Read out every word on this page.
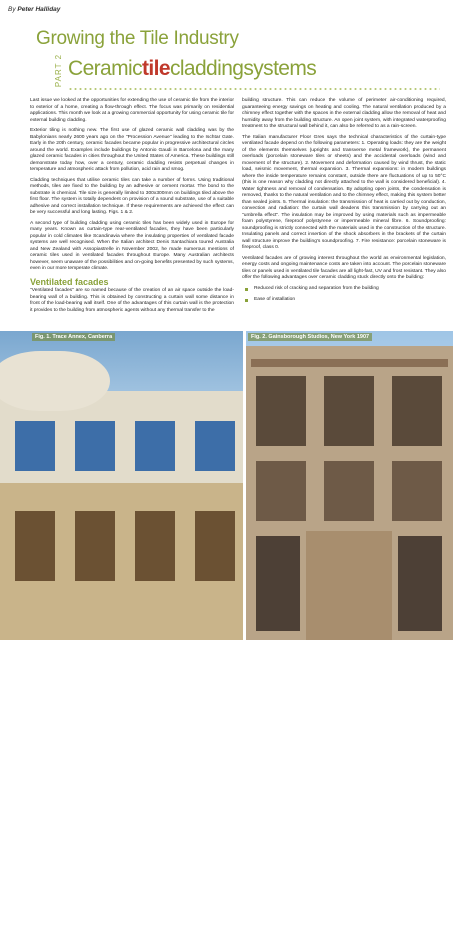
By Peter Halliday
Growing the Tile Industry
PART 2 Ceramictilecladdingsystems

Last issue we looked at the opportunities for extending the use of ceramic tile from the interior to exterior of a home, creating a flow-through effect. The focus was primarily on residential applications. This month we look at a growing commercial opportunity for using ceramic tile for external building cladding.

Exterior tiling is nothing new. The first use of glazed ceramic wall cladding was by the Babylonians nearly 2600 years ago on the "Procession Avenue" leading to the Ischtar Gate. Early in the 20th century, ceramic facades became popular in progressive architectural circles around the world. Examples include buildings by Antonio Gaudi in Barcelona and the many glazed ceramic facades in cities throughout the United States of America. These buildings still demonstrate today how, over a century, ceramic cladding resists perpetual changes in temperature and atmospheric attack from pollution, acid rain and smog.

Cladding techniques that utilise ceramic tiles can take a number of forms. Using traditional methods, tiles are fixed to the building by an adhesive or cement mortar. The bond to the substrate is chemical. Tile size is generally limited to 300x300mm on buildings tiled above the first floor. The system is totally dependent on provision of a sound substrate, use of a suitable adhesive and correct installation technique. If these requirements are achieved the effect can be very successful and long lasting. Figs. 1 & 2.

A second type of building cladding using ceramic tiles has been widely used in Europe for many years. Known as curtain-type rear-ventilated facades, they have been particularly popular in cold climates like Scandinavia where the insulating properties of ventilated facade systems are well recognised. When the Italian architect Denis Santachiara toured Australia and New Zealand with Assopiastrelle in November 2002, he made numerous mentions of ceramic tiles used in ventilated facades throughout Europe. Many Australian architects however, seem unaware of the possibilities and on-going benefits presented by such systems, even in our more temperate climate.

Ventilated facades

"Ventilated facades" are so named because of the creation of an air space outside the load-bearing wall of a building. This is obtained by constructing a curtain wall some distance in front of the load-bearing wall itself. One of the advantages of this curtain wall is the protection it provides to the building from atmospheric agents without any thermal transfer to the

building structure. This can reduce the volume of perimeter air-conditioning required, guaranteeing energy savings on heating and cooling. The natural ventilation produced by a chimney effect together with the spaces in the external cladding allow the removal of heat and humidity away from the building structure. An open joint system, with integrated waterproofing treatment to the structural wall behind it, can also be referred to as a rain-screen.

The Italian manufacturer Floor Gres says the technical characteristics of the curtain-type ventilated facade depend on the following parameters: 1. Operating loads: they are the weight of the elements themselves (uprights and transverse metal framework), the permanent overloads (porcelain stoneware tiles or sheets) and the accidental overloads (wind and movement of the structure). 2. Movement and deformation caused by wind thrust, the static load, seismic movement, thermal expansion. 3. Thermal expansions: in modern buildings where the inside temperature remains constant, outside there are fluctuations of up to 50°C (this is one reason why cladding not directly attached to the wall is considered beneficial). 4. Water tightness and removal of condensation. By adopting open joints, the condensation is removed, thanks to the natural ventilation and to the chimney effect, making this system better than sealed joints. 5. Thermal insulation: the transmission of heat is carried out by conduction, convection and radiation: the curtain wall deadens this transmission by carrying out an "umbrella effect". The insulation may be improved by using materials such as impermeable foam polystyrene, fireproof polystyrene or impermeable mineral fibre. 6. Soundproofing: soundproofing is strictly connected with the materials used in the construction of the structure. Insulating panels and correct insertion of the shock absorbers in the brackets of the curtain wall structure improve the building's soundproofing. 7. Fire resistance: porcelain stoneware is fireproof, class 0.

Ventilated facades are of growing interest throughout the world as environmental legislation, energy costs and ongoing maintenance costs are taken into account. The porcelain stoneware tiles or panels used in ventilated tile facades are all light-fast, UV and frost resistant. They also offer the following advantages over ceramic cladding stuck directly onto the building:

Reduced risk of cracking and separation from the building
Ease of installation
Fig. 1. Trace Annex, Canberra
20 ISSUE #19
tiletoday.com.au
Fig. 2. Gainsborough Studios, New York 1907
